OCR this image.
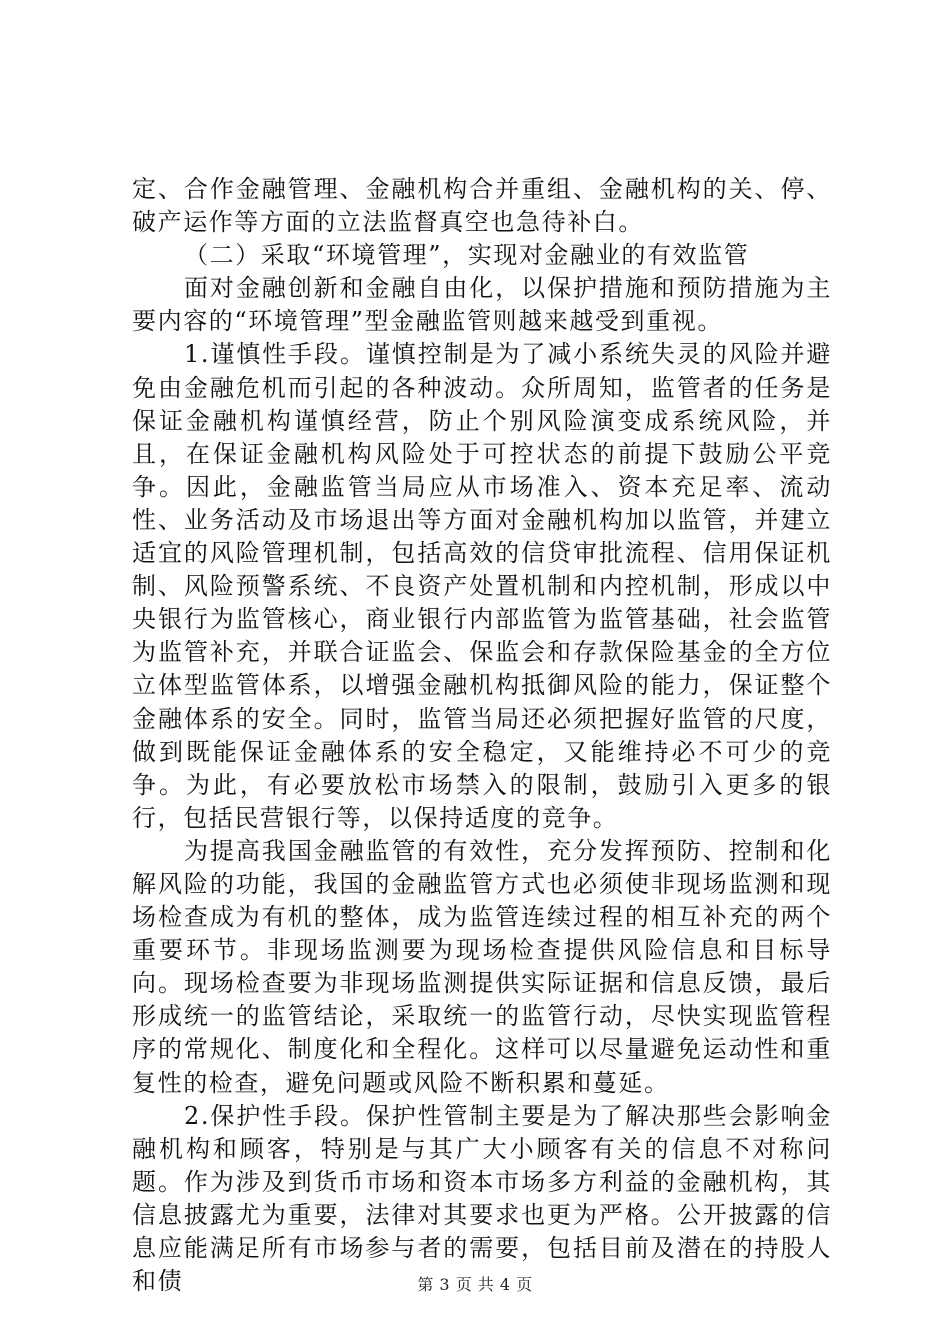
定、合作金融管理、金融机构合并重组、金融机构的关、停、破产运作等方面的立法监督真空也急待补白。

（二）采取“环境管理”，实现对金融业的有效监管

面对金融创新和金融自由化，以保护措施和预防措施为主要内容的“环境管理”型金融监管则越来越受到重视。

1.谨慎性手段。谨慎控制是为了减小系统失灵的风险并避免由金融危机而引起的各种波动。众所周知，监管者的任务是保证金融机构谨慎经营，防止个别风险演变成系统风险，并且，在保证金融机构风险处于可控状态的前提下鼓励公平竞争。因此，金融监管当局应从市场准入、资本充足率、流动性、业务活动及市场退出等方面对金融机构加以监管，并建立适宜的风险管理机制，包括高效的信贷审批流程、信用保证机制、风险预警系统、不良资产处置机制和内控机制，形成以中央银行为监管核心，商业银行内部监管为监管基础，社会监管为监管补充，并联合证监会、保监会和存款保险基金的全方位立体型监管体系，以增强金融机构抵御风险的能力，保证整个金融体系的安全。同时，监管当局还必须把握好监管的尺度，做到既能保证金融体系的安全稳定，又能维持必不可少的竞争。为此，有必要放松市场禁入的限制，鼓励引入更多的银行，包括民营银行等，以保持适度的竞争。

为提高我国金融监管的有效性，充分发挥预防、控制和化解风险的功能，我国的金融监管方式也必须使非现场监测和现场检查成为有机的整体，成为监管连续过程的相互补充的两个重要环节。非现场监测要为现场检查提供风险信息和目标导向。现场检查要为非现场监测提供实际证据和信息反馈，最后形成统一的监管结论，采取统一的监管行动，尽快实现监管程序的常规化、制度化和全程化。这样可以尽量避免运动性和重复性的检查，避免问题或风险不断积累和蔓延。

2.保护性手段。保护性管制主要是为了解决那些会影响金融机构和顾客，特别是与其广大小顾客有关的信息不对称问题。作为涉及到货币市场和资本市场多方利益的金融机构，其信息披露尤为重要，法律对其要求也更为严格。公开披露的信息应能满足所有市场参与者的需要，包括目前及潜在的持股人和债	第 3 页 共 4 页
